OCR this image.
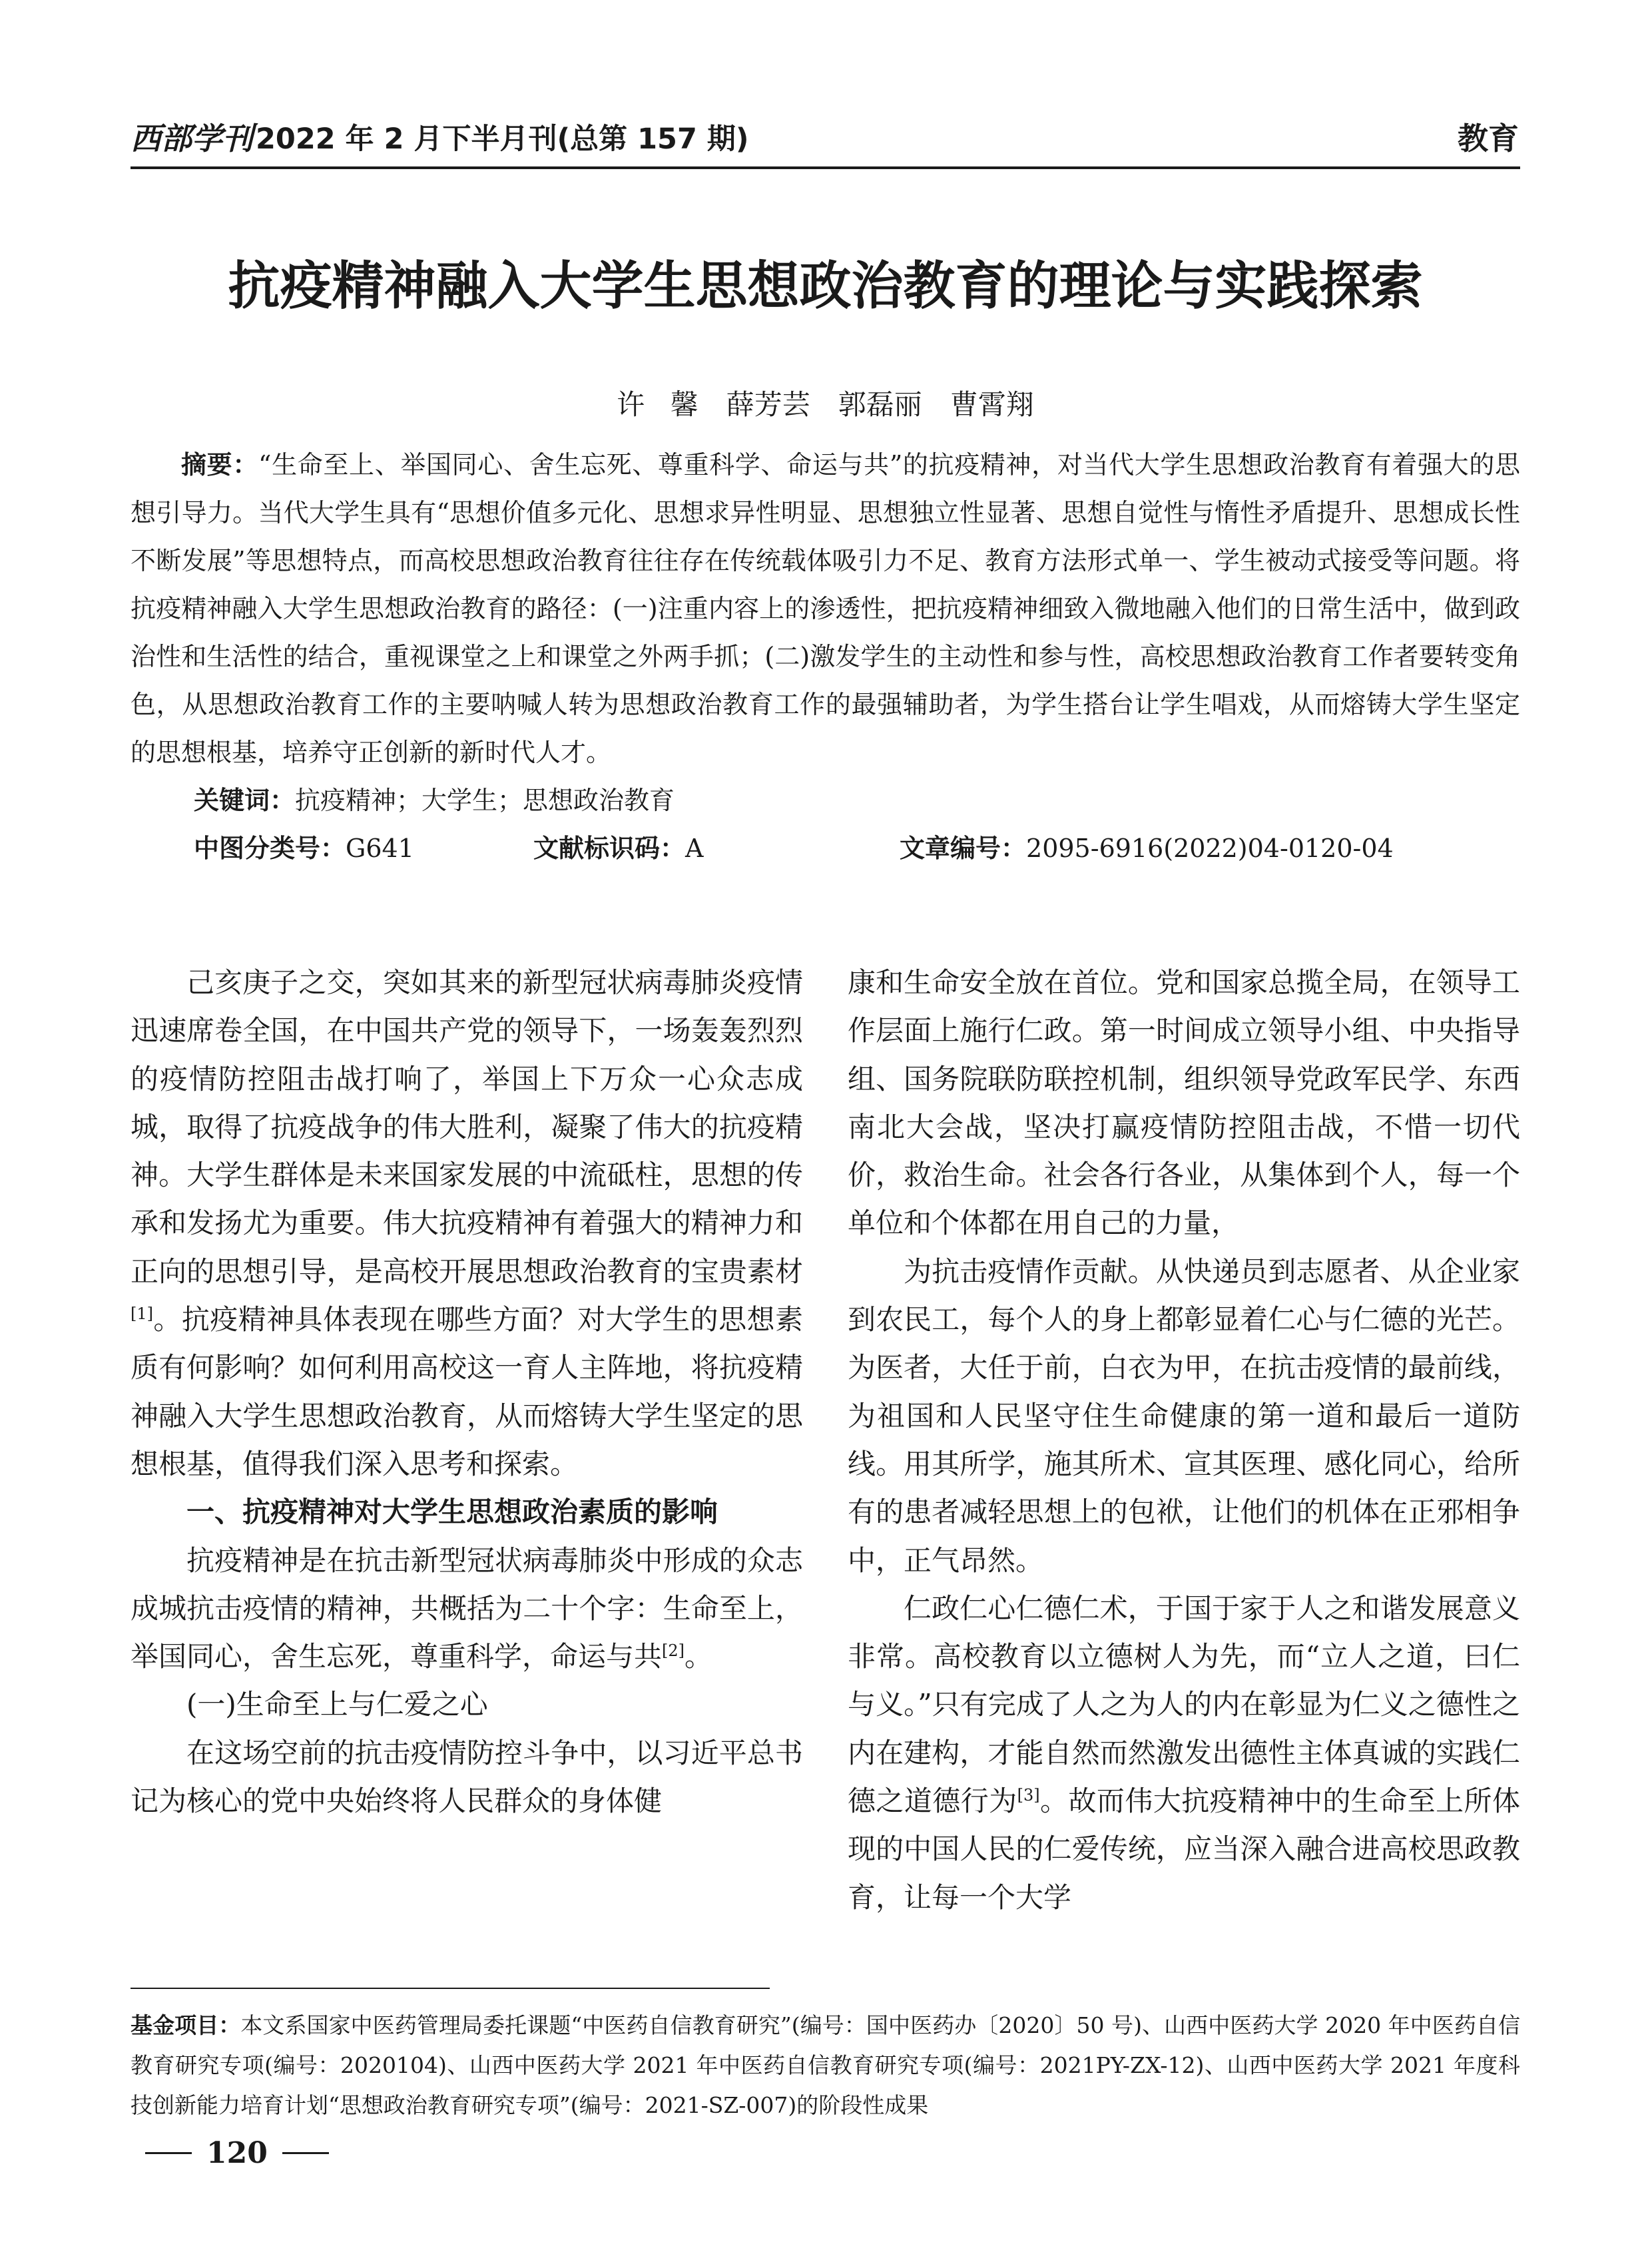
西部学刊 2022 年 2 月下半月刊(总第 157 期)	教育
抗疫精神融入大学生思想政治教育的理论与实践探索
许 馨　薛芳芸　郭磊丽　曹霄翔

摘要：“生命至上、举国同心、舍生忘死、尊重科学、命运与共”的抗疫精神，对当代大学生思想政治教育有着强大的思想引导力。当代大学生具有“思想价值多元化、思想求异性明显、思想独立性显著、思想自觉性与惰性矛盾提升、思想成长性不断发展”等思想特点，而高校思想政治教育往往存在传统载体吸引力不足、教育方法形式单一、学生被动式接受等问题。将抗疫精神融入大学生思想政治教育的路径：(一)注重内容上的渗透性，把抗疫精神细致入微地融入他们的日常生活中，做到政治性和生活性的结合，重视课堂之上和课堂之外两手抓；(二)激发学生的主动性和参与性，高校思想政治教育工作者要转变角色，从思想政治教育工作的主要呐喊人转为思想政治教育工作的最强辅助者，为学生搭台让学生唱戏，从而熔铸大学生坚定的思想根基，培养守正创新的新时代人才。

关键词：抗疫精神；大学生；思想政治教育
中图分类号：G641	文献标识码：A	文章编号：2095-6916(2022)04-0120-04

己亥庚子之交，突如其来的新型冠状病毒肺炎疫情迅速席卷全国，在中国共产党的领导下，一场轰轰烈烈的疫情防控阻击战打响了，举国上下万众一心众志成城，取得了抗疫战争的伟大胜利，凝聚了伟大的抗疫精神。大学生群体是未来国家发展的中流砥柱，思想的传承和发扬尤为重要。伟大抗疫精神有着强大的精神力和正向的思想引导，是高校开展思想政治教育的宝贵素材[1]。抗疫精神具体表现在哪些方面？对大学生的思想素质有何影响？如何利用高校这一育人主阵地，将抗疫精神融入大学生思想政治教育，从而熔铸大学生坚定的思想根基，值得我们深入思考和探索。

一、抗疫精神对大学生思想政治素质的影响

抗疫精神是在抗击新型冠状病毒肺炎中形成的众志成城抗击疫情的精神，共概括为二十个字：生命至上，举国同心，舍生忘死，尊重科学，命运与共[2]。

(一)生命至上与仁爱之心

在这场空前的抗击疫情防控斗争中，以习近平总书记为核心的党中央始终将人民群众的身体健

康和生命安全放在首位。党和国家总揽全局，在领导工作层面上施行仁政。第一时间成立领导小组、中央指导组、国务院联防联控机制，组织领导党政军民学、东西南北大会战，坚决打赢疫情防控阻击战，不惜一切代价，救治生命。社会各行各业，从集体到个人，每一个单位和个体都在用自己的力量，

为抗击疫情作贡献。从快递员到志愿者、从企业家到农民工，每个人的身上都彰显着仁心与仁德的光芒。为医者，大任于前，白衣为甲，在抗击疫情的最前线，为祖国和人民坚守住生命健康的第一道和最后一道防线。用其所学，施其所术、宣其医理、感化同心，给所有的患者减轻思想上的包袱，让他们的机体在正邪相争中，正气昂然。

仁政仁心仁德仁术，于国于家于人之和谐发展意义非常。高校教育以立德树人为先，而“立人之道，曰仁与义。”只有完成了人之为人的内在彰显为仁义之德性之内在建构，才能自然而然激发出德性主体真诚的实践仁德之道德行为[3]。故而伟大抗疫精神中的生命至上所体现的中国人民的仁爱传统，应当深入融合进高校思政教育，让每一个大学

基金项目：本文系国家中医药管理局委托课题“中医药自信教育研究”(编号：国中医药办〔2020〕50 号)、山西中医药大学 2020 年中医药自信教育研究专项(编号：2020104)、山西中医药大学 2021 年中医药自信教育研究专项(编号：2021PY-ZX-12)、山西中医药大学 2021 年度科技创新能力培育计划“思想政治教育研究专项”(编号：2021-SZ-007)的阶段性成果
120
